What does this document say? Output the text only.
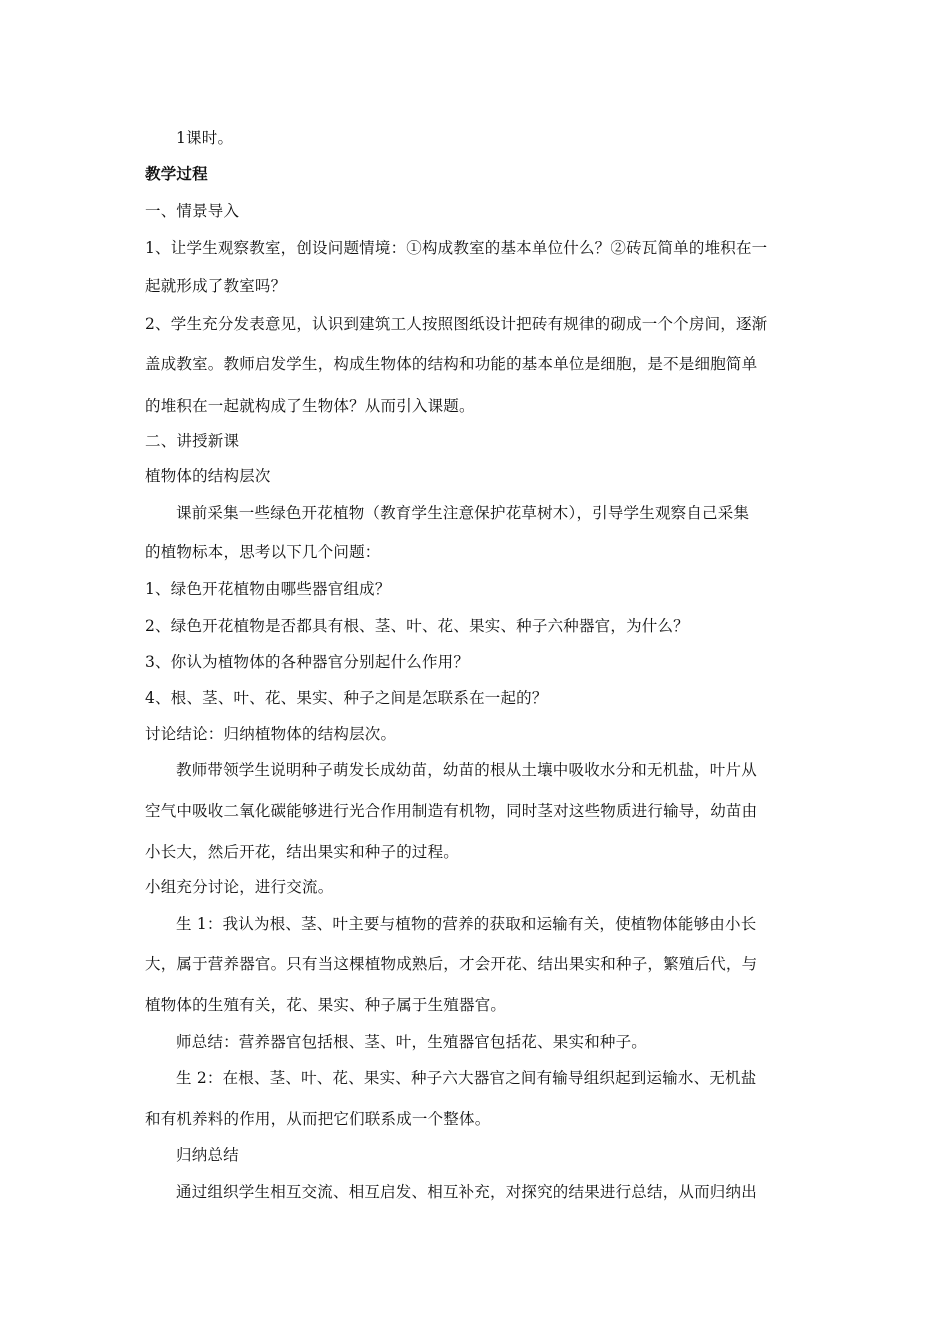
1课时。
教学过程
一、情景导入
1、让学生观察教室，创设问题情境：①构成教室的基本单位什么？②砖瓦简单的堆积在一
起就形成了教室吗？
2、学生充分发表意见，认识到建筑工人按照图纸设计把砖有规律的砌成一个个房间，逐渐
盖成教室。教师启发学生，构成生物体的结构和功能的基本单位是细胞，是不是细胞简单
的堆积在一起就构成了生物体？从而引入课题。
二、讲授新课
植物体的结构层次
课前采集一些绿色开花植物（教育学生注意保护花草树木），引导学生观察自己采集
的植物标本，思考以下几个问题：
1、绿色开花植物由哪些器官组成？
2、绿色开花植物是否都具有根、茎、叶、花、果实、种子六种器官，为什么？
3、你认为植物体的各种器官分别起什么作用？
4、根、茎、叶、花、果实、种子之间是怎联系在一起的？
讨论结论：归纳植物体的结构层次。
教师带领学生说明种子萌发长成幼苗，幼苗的根从土壤中吸收水分和无机盐，叶片从
空气中吸收二氧化碳能够进行光合作用制造有机物，同时茎对这些物质进行输导，幼苗由
小长大，然后开花，结出果实和种子的过程。
小组充分讨论，进行交流。
生 1：我认为根、茎、叶主要与植物的营养的获取和运输有关，使植物体能够由小长
大，属于营养器官。只有当这棵植物成熟后，才会开花、结出果实和种子，繁殖后代，与
植物体的生殖有关，花、果实、种子属于生殖器官。
师总结：营养器官包括根、茎、叶，生殖器官包括花、果实和种子。
生 2：在根、茎、叶、花、果实、种子六大器官之间有输导组织起到运输水、无机盐
和有机养料的作用，从而把它们联系成一个整体。
归纳总结
通过组织学生相互交流、相互启发、相互补充，对探究的结果进行总结，从而归纳出
